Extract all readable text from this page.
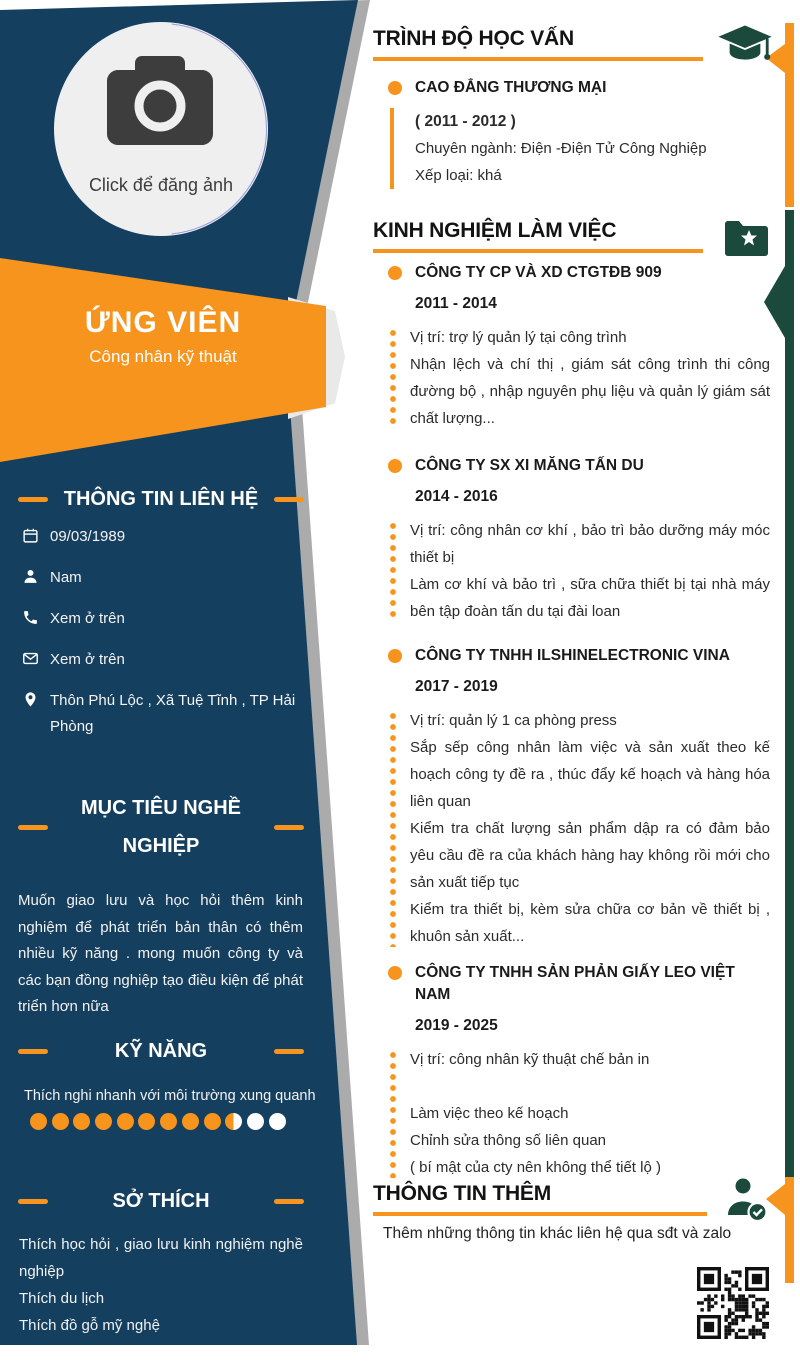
Click để đăng ảnh
ỨNG VIÊN
Công nhân kỹ thuật
THÔNG TIN LIÊN HỆ
09/03/1989
Nam
Xem ở trên
Xem ở trên
Thôn Phú Lộc , Xã Tuệ Tĩnh , TP Hải Phòng
MỤC TIÊU NGHỀ
NGHIỆP
Muốn giao lưu và học hỏi thêm kinh nghiệm để phát triển bản thân có thêm nhiều kỹ năng . mong muốn công ty và các bạn đồng nghiệp tạo điều kiện để phát triển hơn nữa
KỸ NĂNG
Thích nghi nhanh với môi trường xung quanh
SỞ THÍCH
Thích học hỏi , giao lưu kinh nghiệm nghề nghiệp
Thích du lịch
Thích đồ gỗ mỹ nghệ
TRÌNH ĐỘ HỌC VẤN
CAO ĐẲNG THƯƠNG MẠI
( 2011 - 2012 )
Chuyên ngành: Điện -Điện Tử Công Nghiệp
Xếp loại: khá
KINH NGHIỆM LÀM VIỆC
CÔNG TY CP VÀ XD CTGTĐB 909
2011 - 2014

Vị trí: trợ lý quản lý tại công trình

Nhận lệch và chí thị , giám sát công trình thi công đường bộ , nhập nguyên phụ liệu và quản lý giám sát chất lượng...

CÔNG TY SX XI MĂNG TẤN DU
2014 - 2016

Vị trí: công nhân cơ khí , bảo trì bảo dưỡng máy móc thiết bị

Làm cơ khí và bảo trì , sữa chữa thiết bị tại nhà máy bên tập đoàn tấn du tại đài loan

CÔNG TY TNHH ILSHINELECTRONIC VINA
2017 - 2019

Vị trí: quản lý 1 ca phòng press

Sắp sếp công nhân làm việc và sản xuất theo kế hoạch công ty đề ra , thúc đẩy kế hoạch và hàng hóa liên quan

Kiểm tra chất lượng sản phẩm dập ra có đảm bảo yêu cầu đề ra của khách hàng hay không rồi mới cho sản xuất tiếp tục

Kiểm tra thiết bị, kèm sửa chữa cơ bản về thiết bị , khuôn sản xuất...

CÔNG TY TNHH SẢN PHẢN GIẤY LEO VIỆT NAM
2019 - 2025

Vị trí: công nhân kỹ thuật chế bản in

Làm việc theo kế hoạch

Chỉnh sửa thông số liên quan

( bí mật của cty nên không thể tiết lộ )

THÔNG TIN THÊM
Thêm những thông tin khác liên hệ qua sđt và zalo
